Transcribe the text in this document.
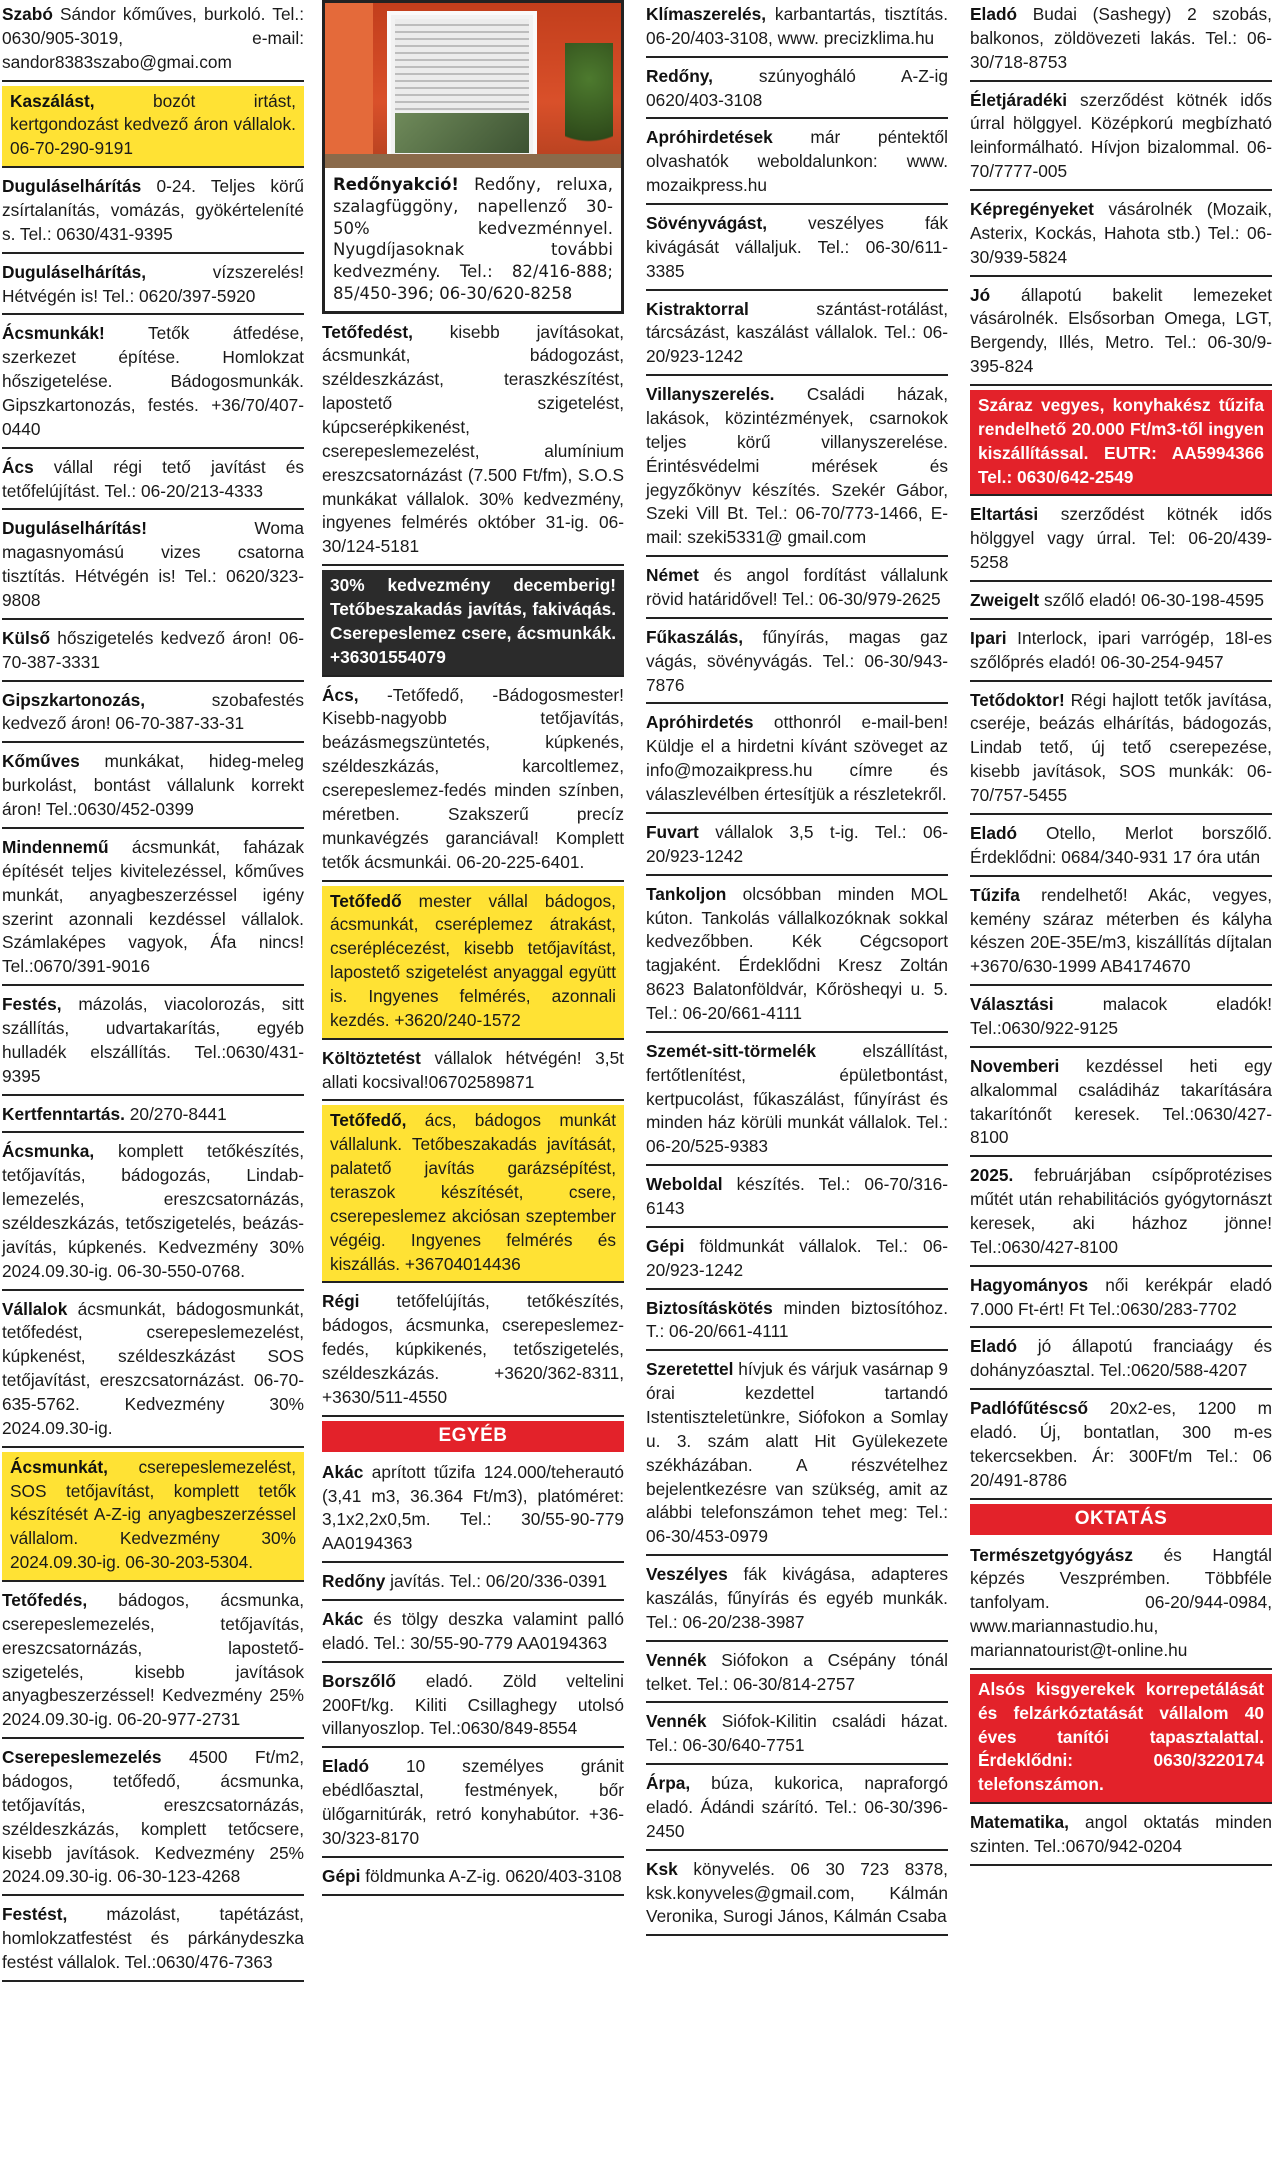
Szabó Sándor kőműves, burkoló. Tel.: 0630/905-3019, e-mail: sandor8383szabo@gmai.com
Kaszálást, bozót irtást, kertgondozást kedvező áron vállalok. 06-70-290-9191
Duguláselhárítás 0-24. Teljes körű zsírtalanítás, vomázás, gyökérteleníté s. Tel.: 0630/431-9395
Duguláselhárítás, vízszerelés! Hétvégén is! Tel.: 0620/397-5920
Ácsmunkák! Tetők átfedése, szerkezet építése. Homlokzat hőszigetelése. Bádogosmunkák. Gipszkartonozás, festés. +36/70/407-0440
Ács vállal régi tető javítást és tetőfelújítást. Tel.: 06-20/213-4333
Duguláselhárítás! Woma magasnyomású vizes csatorna tisztítás. Hétvégén is! Tel.: 0620/323-9808
Külső hőszigetelés kedvező áron! 06-70-387-3331
Gipszkartonozás, szobafestés kedvező áron! 06-70-387-33-31
Kőműves munkákat, hideg-meleg burkolást, bontást vállalunk korrekt áron! Tel.:0630/452-0399
Mindennemű ácsmunkát, faházak építését teljes kivitelezéssel, kőműves munkát, anyagbeszerzéssel igény szerint azonnali kezdéssel vállalok. Számlaképes vagyok, Áfa nincs! Tel.:0670/391-9016
Festés, mázolás, viacolorozás, sitt szállítás, udvartakarítás, egyéb hulladék elszállítás. Tel.:0630/431-9395
Kertfenntartás. 20/270-8441
Ácsmunka, komplett tetőkészítés, tetőjavítás, bádogozás, Lindab-lemezelés, ereszcsatornázás, széldeszkázás, tetőszigetelés, beázás-javítás, kúpkenés. Kedvezmény 30% 2024.09.30-ig. 06-30-550-0768.
Vállalok ácsmunkát, bádogosmunkát, tetőfedést, cserepeslemezelést, kúpkenést, széldeszkázást SOS tetőjavítást, ereszcsatornázást. 06-70-635-5762. Kedvezmény 30% 2024.09.30-ig.
Ácsmunkát, cserepeslemezelést, SOS tetőjavítást, komplett tetők készítését A-Z-ig anyagbeszerzéssel vállalom. Kedvezmény 30% 2024.09.30-ig. 06-30-203-5304.
Tetőfedés, bádogos, ácsmunka, cserepeslemezelés, tetőjavítás, ereszcsatornázás, lapostető-szigetelés, kisebb javítások anyagbeszerzéssel! Kedvezmény 25% 2024.09.30-ig. 06-20-977-2731
Cserepeslemezelés 4500 Ft/m2, bádogos, tetőfedő, ácsmunka, tetőjavítás, ereszcsatornázás, széldeszkázás, komplett tetőcsere, kisebb javítások. Kedvezmény 25% 2024.09.30-ig. 06-30-123-4268
Festést, mázolást, tapétázást, homlokzatfestést és párkánydeszka festést vállalok. Tel.:0630/476-7363
Redőnyakció! Redőny, reluxa, szalagfüggöny, napellenző 30-50% kedvezménnyel. Nyugdíjasoknak további kedvezmény. Tel.: 82/416-888; 85/450-396; 06-30/620-8258
Tetőfedést, kisebb javításokat, ácsmunkát, bádogozást, széldeszkázást, teraszkészítést, lapostető szigetelést, kúpcserépkikenést, cserepeslemezelést, alumínium ereszcsatornázást (7.500 Ft/fm), S.O.S munkákat vállalok. 30% kedvezmény, ingyenes felmérés október 31-ig. 06-30/124-5181
30% kedvezmény decemberig! Tetőbeszakadás javítás, fakiváqás. Cserepeslemez csere, ácsmunkák. +36301554079
Ács, -Tetőfedő, -Bádogosmester! Kisebb-nagyobb tetőjavítás, beázásmegszüntetés, kúpkenés, széldeszkázás, karcoltlemez, cserepeslemez-fedés minden színben, méretben. Szakszerű precíz munkavégzés garanciával! Komplett tetők ácsmunkái. 06-20-225-6401.
Tetőfedő mester vállal bádogos, ácsmunkát, cseréplemez átrakást, cseréplécezést, kisebb tetőjavítást, lapostető szigetelést anyaggal együtt is. Ingyenes felmérés, azonnali kezdés. +3620/240-1572
Költöztetést vállalok hétvégén! 3,5t allati kocsival!06702589871
Tetőfedő, ács, bádogos munkát vállalunk. Tetőbeszakadás javítását, palatető javítás garázsépítést, teraszok készítését, csere, cserepeslemez akciósan szeptember végéig. Ingyenes felmérés és kiszállás. +36704014436
Régi tetőfelújítás, tetőkészítés, bádogos, ácsmunka, cserepeslemez-fedés, kúpkikenés, tetőszigetelés, széldeszkázás. +3620/362-8311, +3630/511-4550
EGYÉB
Akác aprított tűzifa 124.000/teherautó (3,41 m3, 36.364 Ft/m3), platóméret: 3,1x2,2x0,5m. Tel.: 30/55-90-779 AA0194363
Redőny javítás. Tel.: 06/20/336-0391
Akác és tölgy deszka valamint palló eladó. Tel.: 30/55-90-779 AA0194363
Borszőlő eladó. Zöld veltelini 200Ft/kg. Kiliti Csillaghegy utolsó villanyoszlop. Tel.:0630/849-8554
Eladó 10 személyes gránit ebédlőasztal, festmények, bőr ülőgarnitúrák, retró konyhabútor. +36-30/323-8170
Gépi földmunka A-Z-ig. 0620/403-3108
Klímaszerelés, karbantartás, tisztítás. 06-20/403-3108, www. precizklima.hu
Redőny, szúnyogháló A-Z-ig 0620/403-3108
Apróhirdetések már péntektől olvashatók weboldalunkon: www. mozaikpress.hu
Sövényvágást, veszélyes fák kivágását vállaljuk. Tel.: 06-30/611-3385
Kistraktorral szántást-rotálást, tárcsázást, kaszálást vállalok. Tel.: 06-20/923-1242
Villanyszerelés. Családi házak, lakások, közintézmények, csarnokok teljes körű villanyszerelése. Érintésvédelmi mérések és jegyzőkönyv készítés. Szekér Gábor, Szeki Vill Bt. Tel.: 06-70/773-1466, E-mail: szeki5331@ gmail.com
Német és angol fordítást vállalunk rövid határidővel! Tel.: 06-30/979-2625
Fűkaszálás, fűnyírás, magas gaz vágás, sövényvágás. Tel.: 06-30/943-7876
Apróhirdetés otthonról e-mail-ben! Küldje el a hirdetni kívánt szöveget az info@mozaikpress.hu címre és válaszlevélben értesítjük a részletekről.
Fuvart vállalok 3,5 t-ig. Tel.: 06-20/923-1242
Tankoljon olcsóbban minden MOL kúton. Tankolás vállalkozóknak sokkal kedvezőbben. Kék Cégcsoport tagjaként. Érdeklődni Kresz Zoltán 8623 Balatonföldvár, Kőrösheqyi u. 5. Tel.: 06-20/661-4111
Szemét-sitt-törmelék elszállítást, fertőtlenítést, épületbontást, kertpucolást, fűkaszálást, fűnyírást és minden ház körüli munkát vállalok. Tel.: 06-20/525-9383
Weboldal készítés. Tel.: 06-70/316-6143
Gépi földmunkát vállalok. Tel.: 06-20/923-1242
Biztosításkötés minden biztosítóhoz. T.: 06-20/661-4111
Szeretettel hívjuk és várjuk vasárnap 9 órai kezdettel tartandó Istentiszteletünkre, Siófokon a Somlay u. 3. szám alatt Hit Gyülekezete székházában. A részvételhez bejelentkezésre van szükség, amit az alábbi telefonszámon tehet meg: Tel.: 06-30/453-0979
Veszélyes fák kivágása, adapteres kaszálás, fűnyírás és egyéb munkák. Tel.: 06-20/238-3987
Vennék Siófokon a Csépány tónál telket. Tel.: 06-30/814-2757
Vennék Siófok-Kilitin családi házat. Tel.: 06-30/640-7751
Árpa, búza, kukorica, napraforgó eladó. Ádándi szárító. Tel.: 06-30/396-2450
Ksk könyvelés. 06 30 723 8378, ksk.konyveles@gmail.com, Kálmán Veronika, Surogi János, Kálmán Csaba
Eladó Budai (Sashegy) 2 szobás, balkonos, zöldövezeti lakás. Tel.: 06-30/718-8753
Életjáradéki szerződést kötnék idős úrral hölggyel. Középkorú megbízható leinformálható. Hívjon bizalommal. 06-70/7777-005
Képregényeket vásárolnék (Mozaik, Asterix, Kockás, Hahota stb.) Tel.: 06-30/939-5824
Jó állapotú bakelit lemezeket vásárolnék. Elsősorban Omega, LGT, Bergendy, Illés, Metro. Tel.: 06-30/9-395-824
Száraz vegyes, konyhakész tűzifa rendelhető 20.000 Ft/m3-től ingyen kiszállítással. EUTR: AA5994366 Tel.: 0630/642-2549
Eltartási szerződést kötnék idős hölggyel vagy úrral. Tel: 06-20/439-5258
Zweigelt szőlő eladó! 06-30-198-4595
Ipari Interlock, ipari varrógép, 18l-es szőlőprés eladó! 06-30-254-9457
Tetődoktor! Régi hajlott tetők javítása, cseréje, beázás elhárítás, bádogozás, Lindab tető, új tető cserepezése, kisebb javítások, SOS munkák: 06-70/757-5455
Eladó Otello, Merlot borszőlő. Érdeklődni: 0684/340-931 17 óra után
Tűzifa rendelhető! Akác, vegyes, kemény száraz méterben és kályha készen 20E-35E/m3, kiszállítás díjtalan +3670/630-1999 AB4174670
Választási malacok eladók! Tel.:0630/922-9125
Novemberi kezdéssel heti egy alkalommal családiház takarítására takarítónőt keresek. Tel.:0630/427-8100
2025. februárjában csípőprotézises műtét után rehabilitációs gyógytornászt keresek, aki házhoz jönne! Tel.:0630/427-8100
Hagyományos női kerékpár eladó 7.000 Ft-ért! Ft Tel.:0630/283-7702
Eladó jó állapotú franciaágy és dohányzóasztal. Tel.:0620/588-4207
Padlófűtéscső 20x2-es, 1200 m eladó. Új, bontatlan, 300 m-es tekercsekben. Ár: 300Ft/m Tel.: 06 20/491-8786
OKTATÁS
Természetgyógyász és Hangtál képzés Veszprémben. Többféle tanfolyam. 06-20/944-0984, www.mariannastudio.hu, mariannatourist@t-online.hu
Alsós kisgyerekek korrepetálását és felzárkóztatását vállalom 40 éves tanítói tapasztalattal. Érdeklődni: 0630/3220174 telefonszámon.
Matematika, angol oktatás minden szinten. Tel.:0670/942-0204
